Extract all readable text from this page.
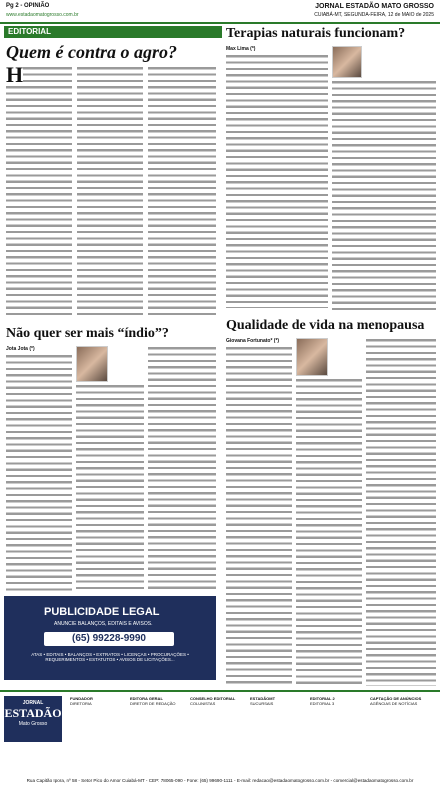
Pg 2 - OPINIÃO
www.estadaomatogrosso.com.br
JORNAL ESTADÃO MATO GROSSO
CUIABÁ-MT, SEGUNDA-FEIRA, 12 de MAIO de 2025
EDITORIAL
Quem é contra o agro?
H
Terapias naturais funcionam?
Max Lima (*)
Não quer ser mais “índio”?
Jota Jota (*)
Qualidade de vida na menopausa
Giovana Fortunato* (*)
PUBLICIDADE LEGAL
ANUNCIE BALANÇOS, EDITAIS E AVISOS.
(65) 99228-9990
ATAS • EDITAIS • BALANÇOS • EXTRATOS • LICENÇAS • PROCURAÇÕES • REQUERIMENTOS • ESTATUTOS • AVISOS DE LICITAÇÕES...
JORNAL
ESTADÃO
Mato Grosso
FUNDADOR
DIRETORIA
EDITORA GERAL
DIRETOR DE REDAÇÃO
CONSELHO EDITORIAL
COLUNISTAS
ESTADÃOMT
SUCURSAIS
EDITORIAL 2
EDITORIAL 3
CAPTAÇÃO DE ANÚNCIOS
AGÊNCIAS DE NOTÍCIAS
Rua Capitão Ipora, nº 58 - Setor Pico do Amor Cuiabá-MT - CEP: 78065-090 - Fone: (65) 99690-1111 - E-mail: redacao@estadaomatogrosso.com.br - comercial@estadaomatogrosso.com.br
